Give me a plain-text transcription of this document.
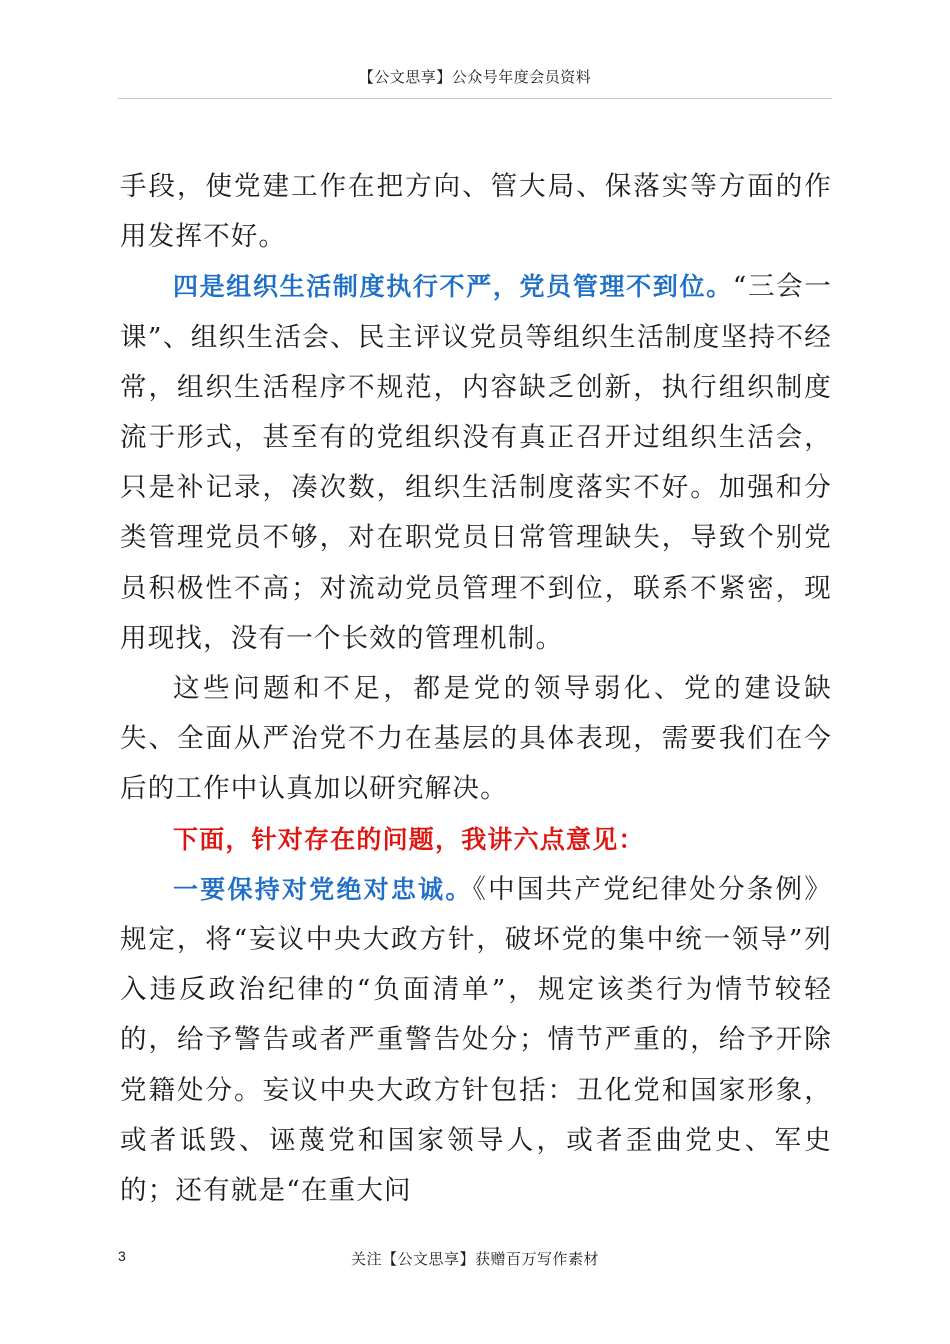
【公文思享】公众号年度会员资料

手段，使党建工作在把方向、管大局、保落实等方面的作用发挥不好。

四是组织生活制度执行不严，党员管理不到位。“三会一课”、组织生活会、民主评议党员等组织生活制度坚持不经常，组织生活程序不规范，内容缺乏创新，执行组织制度流于形式，甚至有的党组织没有真正召开过组织生活会，只是补记录，凑次数，组织生活制度落实不好。加强和分类管理党员不够，对在职党员日常管理缺失，导致个别党员积极性不高；对流动党员管理不到位，联系不紧密，现用现找，没有一个长效的管理机制。

这些问题和不足，都是党的领导弱化、党的建设缺失、全面从严治党不力在基层的具体表现，需要我们在今后的工作中认真加以研究解决。

下面，针对存在的问题，我讲六点意见：

一要保持对党绝对忠诚。《中国共产党纪律处分条例》规定，将“妄议中央大政方针，破坏党的集中统一领导”列入违反政治纪律的“负面清单”，规定该类行为情节较轻的，给予警告或者严重警告处分；情节严重的，给予开除党籍处分。妄议中央大政方针包括：丑化党和国家形象，或者诋毁、诬蔑党和国家领导人，或者歪曲党史、军史的；还有就是“在重大问

3	关注【公文思享】获赠百万写作素材
